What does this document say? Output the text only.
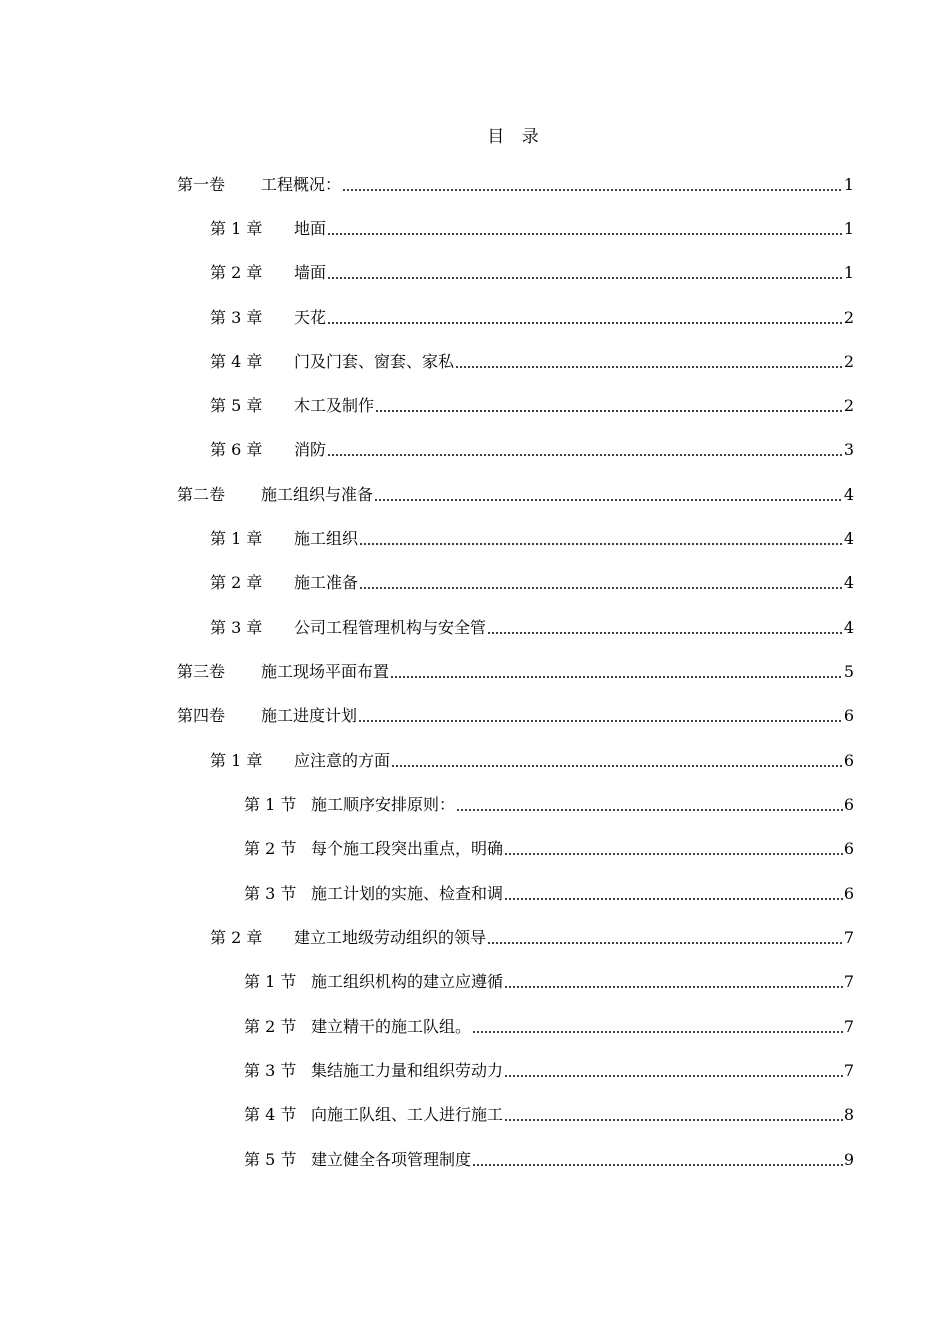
目 录
第一卷	工程概况：	1
第 1 章	地面	1
第 2 章	墙面	1
第 3 章	天花	2
第 4 章	门及门套、窗套、家私	2
第 5 章	木工及制作	2
第 6 章	消防	3
第二卷	施工组织与准备	4
第 1 章	施工组织	4
第 2 章	施工准备	4
第 3 章	公司工程管理机构与安全管	4
第三卷	施工现场平面布置	5
第四卷	施工进度计划	6
第 1 章	应注意的方面	6
第 1 节 施工顺序安排原则：	6
第 2 节 每个施工段突出重点，明确	6
第 3 节 施工计划的实施、检查和调	6
第 2 章	建立工地级劳动组织的领导	7
第 1 节 施工组织机构的建立应遵循	7
第 2 节 建立精干的施工队组。	7
第 3 节 集结施工力量和组织劳动力	7
第 4 节 向施工队组、工人进行施工	8
第 5 节 建立健全各项管理制度	9
